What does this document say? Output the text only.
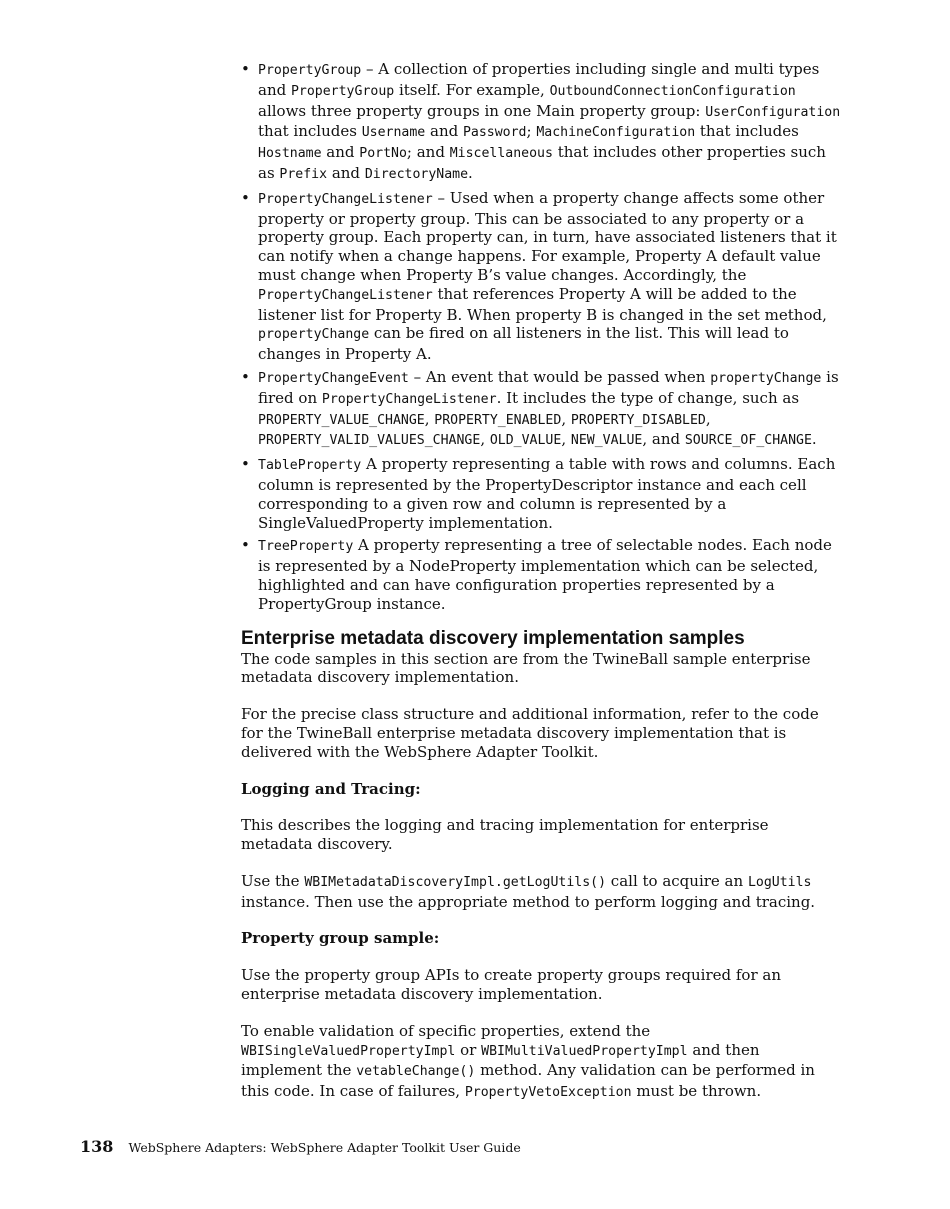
• PropertyGroup – A collection of properties including single and multi types and PropertyGroup itself. For example, OutboundConnectionConfiguration allows three property groups in one Main property group: UserConfiguration that includes Username and Password; MachineConfiguration that includes Hostname and PortNo; and Miscellaneous that includes other properties such as Prefix and DirectoryName.
• PropertyChangeListener – Used when a property change affects some other property or property group. This can be associated to any property or a property group. Each property can, in turn, have associated listeners that it can notify when a change happens. For example, Property A default value must change when Property B’s value changes. Accordingly, the PropertyChangeListener that references Property A will be added to the listener list for Property B. When property B is changed in the set method, propertyChange can be fired on all listeners in the list. This will lead to changes in Property A.
• PropertyChangeEvent – An event that would be passed when propertyChange is fired on PropertyChangeListener. It includes the type of change, such as PROPERTY_VALUE_CHANGE, PROPERTY_ENABLED, PROPERTY_DISABLED, PROPERTY_VALID_VALUES_CHANGE, OLD_VALUE, NEW_VALUE, and SOURCE_OF_CHANGE.
• TableProperty A property representing a table with rows and columns. Each column is represented by the PropertyDescriptor instance and each cell corresponding to a given row and column is represented by a SingleValuedProperty implementation.
• TreeProperty A property representing a tree of selectable nodes. Each node is represented by a NodeProperty implementation which can be selected, highlighted and can have configuration properties represented by a PropertyGroup instance.
Enterprise metadata discovery implementation samples

The code samples in this section are from the TwineBall sample enterprise metadata discovery implementation.

For the precise class structure and additional information, refer to the code for the TwineBall enterprise metadata discovery implementation that is delivered with the WebSphere Adapter Toolkit.

Logging and Tracing:

This describes the logging and tracing implementation for enterprise metadata discovery.

Use the WBIMetadataDiscoveryImpl.getLogUtils() call to acquire an LogUtils instance. Then use the appropriate method to perform logging and tracing.

Property group sample:

Use the property group APIs to create property groups required for an enterprise metadata discovery implementation.

To enable validation of specific properties, extend the WBISingleValuedPropertyImpl or WBIMultiValuedPropertyImpl and then implement the vetableChange() method. Any validation can be performed in this code. In case of failures, PropertyVetoException must be thrown.

138 WebSphere Adapters: WebSphere Adapter Toolkit User Guide
